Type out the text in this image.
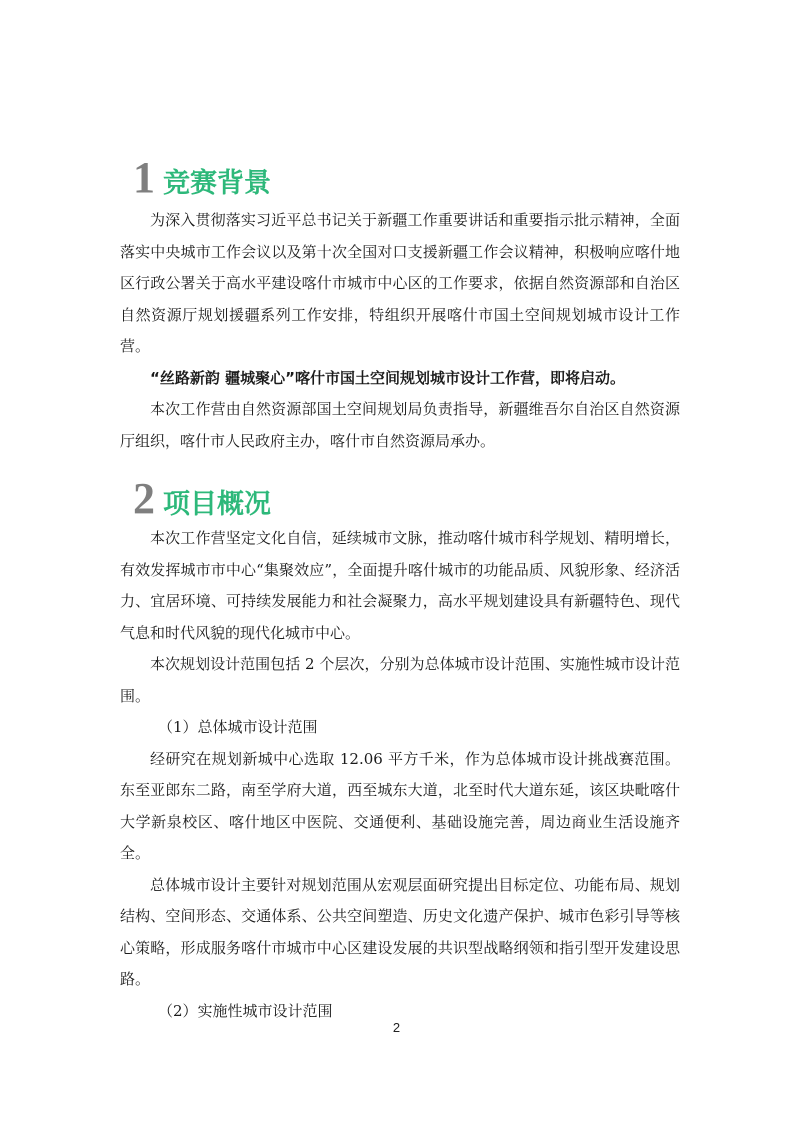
1 竞赛背景

为深入贯彻落实习近平总书记关于新疆工作重要讲话和重要指示批示精神，全面落实中央城市工作会议以及第十次全国对口支援新疆工作会议精神，积极响应喀什地区行政公署关于高水平建设喀什市城市中心区的工作要求，依据自然资源部和自治区自然资源厅规划援疆系列工作安排，特组织开展喀什市国土空间规划城市设计工作营。

“丝路新韵 疆城聚心”喀什市国土空间规划城市设计工作营，即将启动。

本次工作营由自然资源部国土空间规划局负责指导，新疆维吾尔自治区自然资源厅组织，喀什市人民政府主办，喀什市自然资源局承办。

2 项目概况

本次工作营坚定文化自信，延续城市文脉，推动喀什城市科学规划、精明增长，有效发挥城市市中心“集聚效应”，全面提升喀什城市的功能品质、风貌形象、经济活力、宜居环境、可持续发展能力和社会凝聚力，高水平规划建设具有新疆特色、现代气息和时代风貌的现代化城市中心。

本次规划设计范围包括 2 个层次，分别为总体城市设计范围、实施性城市设计范围。

（1）总体城市设计范围

经研究在规划新城中心选取 12.06 平方千米，作为总体城市设计挑战赛范围。东至亚郎东二路，南至学府大道，西至城东大道，北至时代大道东延，该区块毗喀什大学新泉校区、喀什地区中医院、交通便利、基础设施完善，周边商业生活设施齐全。

总体城市设计主要针对规划范围从宏观层面研究提出目标定位、功能布局、规划结构、空间形态、交通体系、公共空间塑造、历史文化遗产保护、城市色彩引导等核心策略，形成服务喀什市城市中心区建设发展的共识型战略纲领和指引型开发建设思路。

（2）实施性城市设计范围

2
